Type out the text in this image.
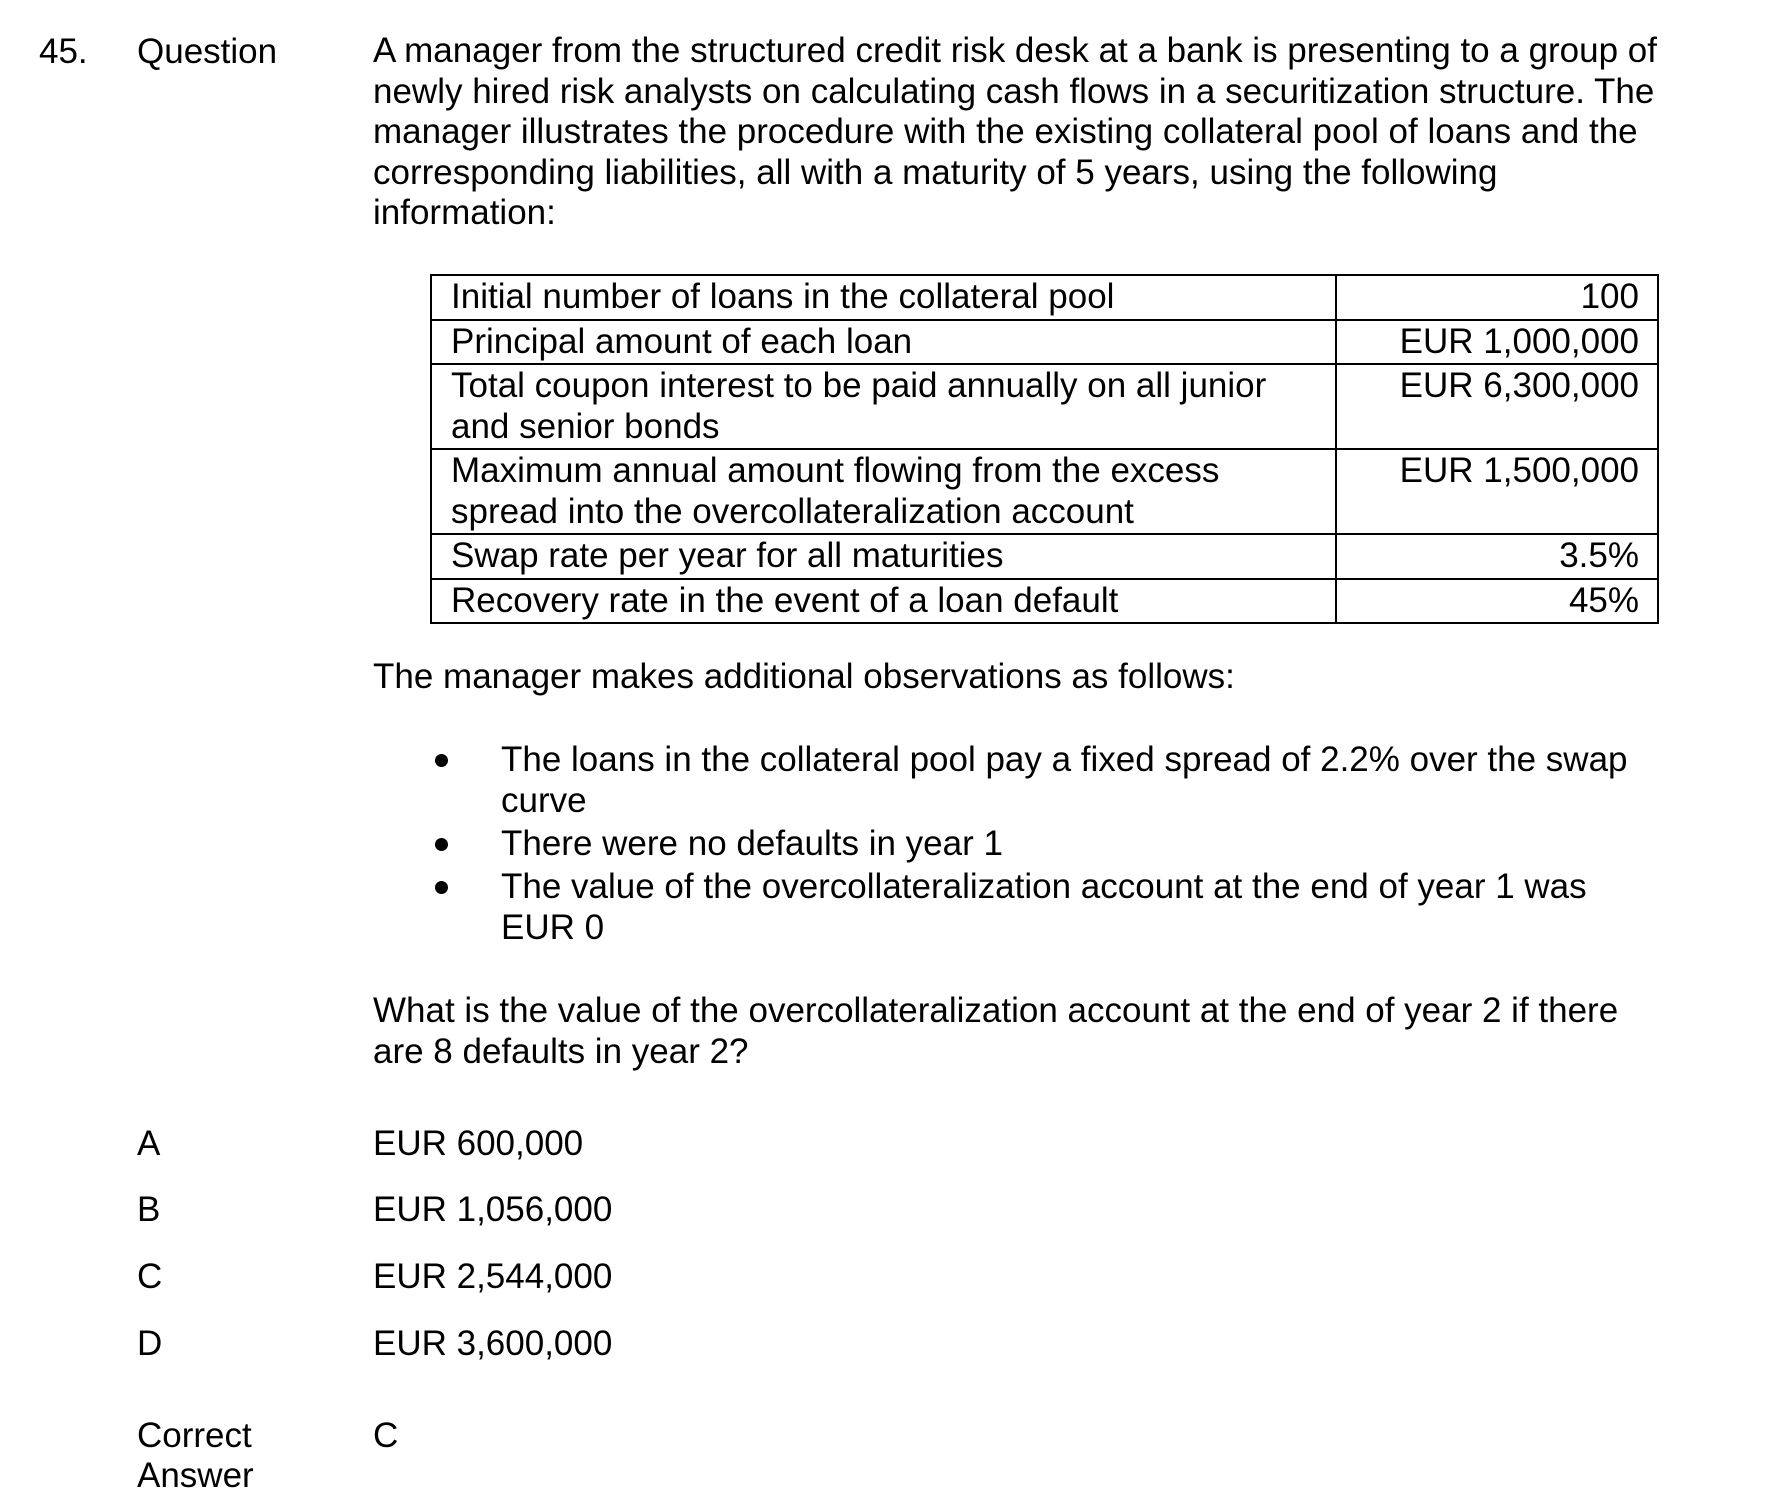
45. Question	A manager from the structured credit risk desk at a bank is presenting to a group of
newly hired risk analysts on calculating cash flows in a securitization structure. The
manager illustrates the procedure with the existing collateral pool of loans and the
corresponding liabilities, all with a maturity of 5 years, using the following
information:
Initial number of loans in the collateral pool	100

Principal amount of each loan	EUR 1,000,000

Total coupon interest to be paid annually on all junior
and senior bonds	EUR 6,300,000

Maximum annual amount flowing from the excess
spread into the overcollateralization account	EUR 1,500,000

Swap rate per year for all maturities	3.5%

Recovery rate in the event of a loan default	45%
The manager makes additional observations as follows:
The loans in the collateral pool pay a fixed spread of 2.2% over the swap
curve
There were no defaults in year 1
The value of the overcollateralization account at the end of year 1 was
EUR 0
What is the value of the overcollateralization account at the end of year 2 if there
are 8 defaults in year 2?
A	EUR 600,000
B	EUR 1,056,000
C	EUR 2,544,000
D	EUR 3,600,000
Correct
Answer
C
